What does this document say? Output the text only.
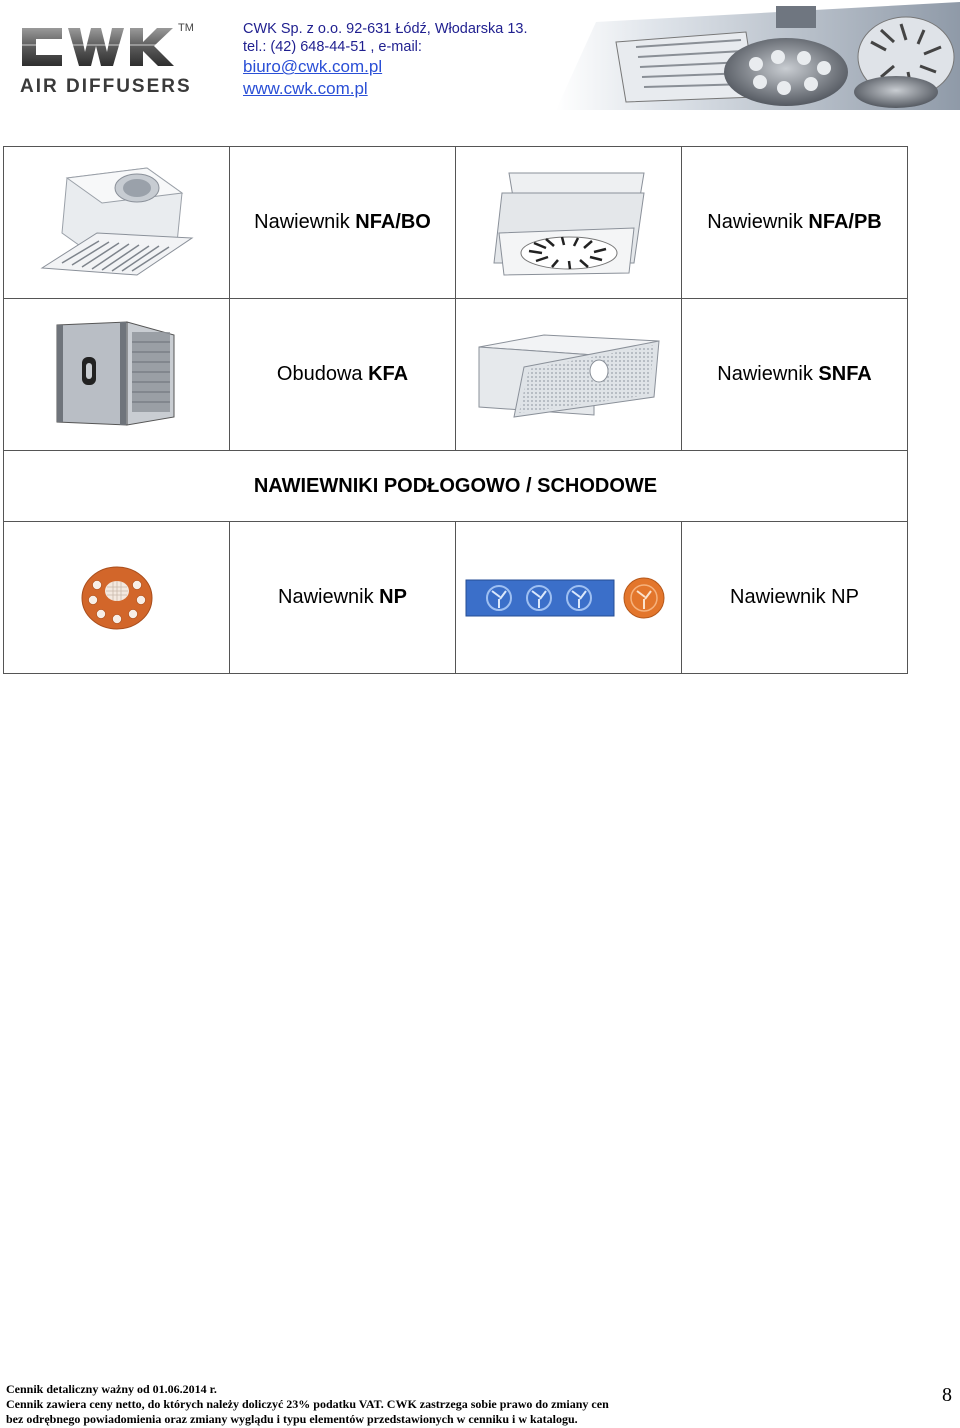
TM
AIR DIFFUSERS
CWK Sp. z o.o. 92-631 Łódź, Włodarska 13.
tel.: (42) 648-44-51 , e-mail:
biuro@cwk.com.pl
www.cwk.com.pl
	Nawiewnik NFA/BO		Nawiewnik NFA/PB

	Obudowa KFA		Nawiewnik SNFA
NAWIEWNIKI PODŁOGOWO / SCHODOWE			

	Nawiewnik NP		Nawiewnik NP
Cennik detaliczny ważny od 01.06.2014 r.
Cennik zawiera ceny netto, do których należy doliczyć 23% podatku VAT. CWK zastrzega sobie prawo do zmiany cen
bez odrębnego powiadomienia oraz zmiany wyglądu i typu elementów przedstawionych w cenniku i w katalogu.
8
